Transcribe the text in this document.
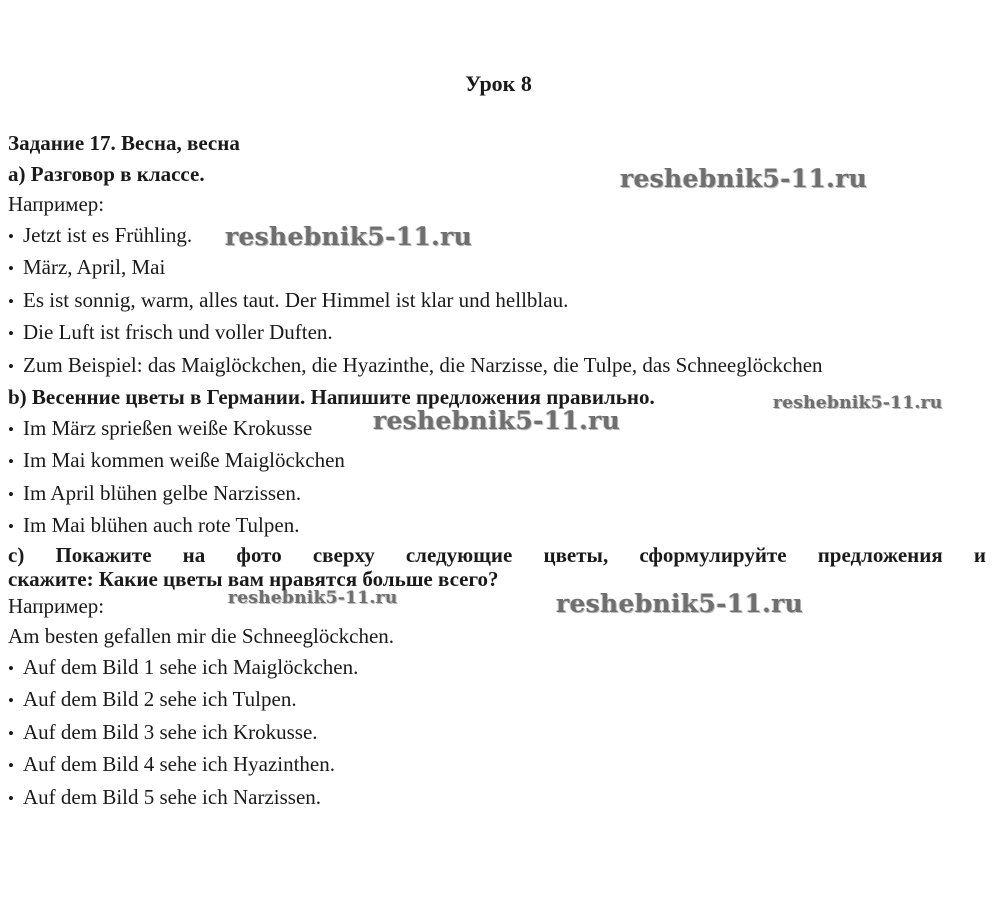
Урок 8
Задание 17. Весна, весна
а) Разговор в классе.
Например:
• Jetzt ist es Frühling.
• März, April, Mai
• Es ist sonnig, warm, alles taut. Der Himmel ist klar und hellblau.
• Die Luft ist frisch und voller Duften.
• Zum Beispiel: das Maiglöckchen, die Hyazinthe, die Narzisse, die Tulpe, das Schneeglöckchen
b) Весенние цветы в Германии. Напишите предложения правильно.
• Im März sprießen weiße Krokusse
• Im Mai kommen weiße Maiglöckchen
• Im April blühen gelbe Narzissen.
• Im Mai blühen auch rote Tulpen.
c) Покажите на фото сверху следующие цветы, сформулируйте предложения и
скажите: Какие цветы вам нравятся больше всего?
Например:
Am besten gefallen mir die Schneeglöckchen.
• Auf dem Bild 1 sehe ich Maiglöckchen.
• Auf dem Bild 2 sehe ich Tulpen.
• Auf dem Bild 3 sehe ich Krokusse.
• Auf dem Bild 4 sehe ich Hyazinthen.
• Auf dem Bild 5 sehe ich Narzissen.
reshebnik5-11.ru
reshebnik5-11.ru
reshebnik5-11.ru
reshebnik5-11.ru
reshebnik5-11.ru	reshebnik5-11.ru
